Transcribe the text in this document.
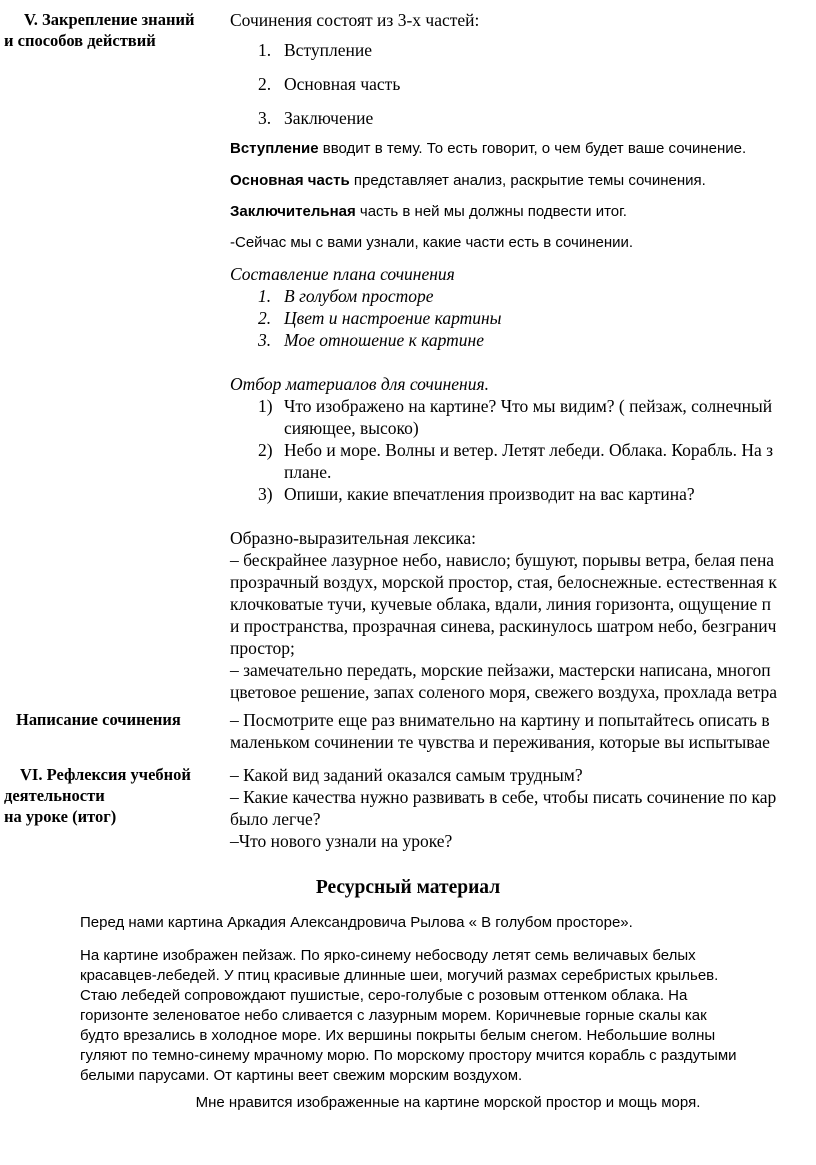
V. Закрепление знаний
и способов действий
Сочинения состоят из 3-х частей:
1. Вступление
2. Основная часть
3. Заключение
Вступление вводит в тему. То есть говорит, о чем будет ваше сочинение.
Основная часть представляет анализ, раскрытие темы сочинения.
Заключительная часть в ней мы должны подвести итог.
-Сейчас мы с вами узнали, какие части есть в сочинении.
Составление плана сочинения
1. В голубом просторе
2. Цвет и настроение картины
3. Мое отношение к картине
Отбор материалов для сочинения.
1) Что изображено на картине? Что мы видим? ( пейзаж, солнечный
сияющее, высоко)
2) Небо и море. Волны и ветер. Летят лебеди. Облака. Корабль. На з
плане.
3) Опиши, какие впечатления производит на вас картина?
Образно-выразительная лексика:
– бескрайнее лазурное небо, нависло; бушуют, порывы ветра, белая пена
прозрачный воздух, морской простор, стая, белоснежные. естественная к
клочковатые тучи, кучевые облака, вдали, линия горизонта, ощущение п
и пространства, прозрачная синева, раскинулось шатром небо, безгранич
простор;
– замечательно передать, морские пейзажи, мастерски написана, многоп
цветовое решение, запах соленого моря, свежего воздуха, прохлада ветра
Написание сочинения	– Посмотрите еще раз внимательно на картину и попытайтесь описать в
маленьком сочинении те чувства и переживания, которые вы испытывае
VI. Рефлексия учебной
деятельности
на уроке (итог)
– Какой вид заданий оказался самым трудным?
– Какие качества нужно развивать в себе, чтобы писать сочинение по кар
было легче?
–Что нового узнали на уроке?
Ресурсный материал
Перед нами картина Аркадия Александровича Рылова « В голубом просторе».
На картине изображен пейзаж. По ярко-синему небосводу летят семь величавых белых
красавцев-лебедей. У птиц красивые длинные шеи, могучий размах серебристых крыльев.
Стаю лебедей сопровождают пушистые, серо-голубые с розовым оттенком облака. На
горизонте зеленоватое небо сливается с лазурным морем. Коричневые горные скалы как
будто врезались в холодное море. Их вершины покрыты белым снегом. Небольшие волны
гуляют по темно-синему мрачному морю. По морскому простору мчится корабль с раздутыми
белыми парусами. От картины веет свежим морским воздухом.
Мне нравится изображенные на картине морской простор и мощь моря.
